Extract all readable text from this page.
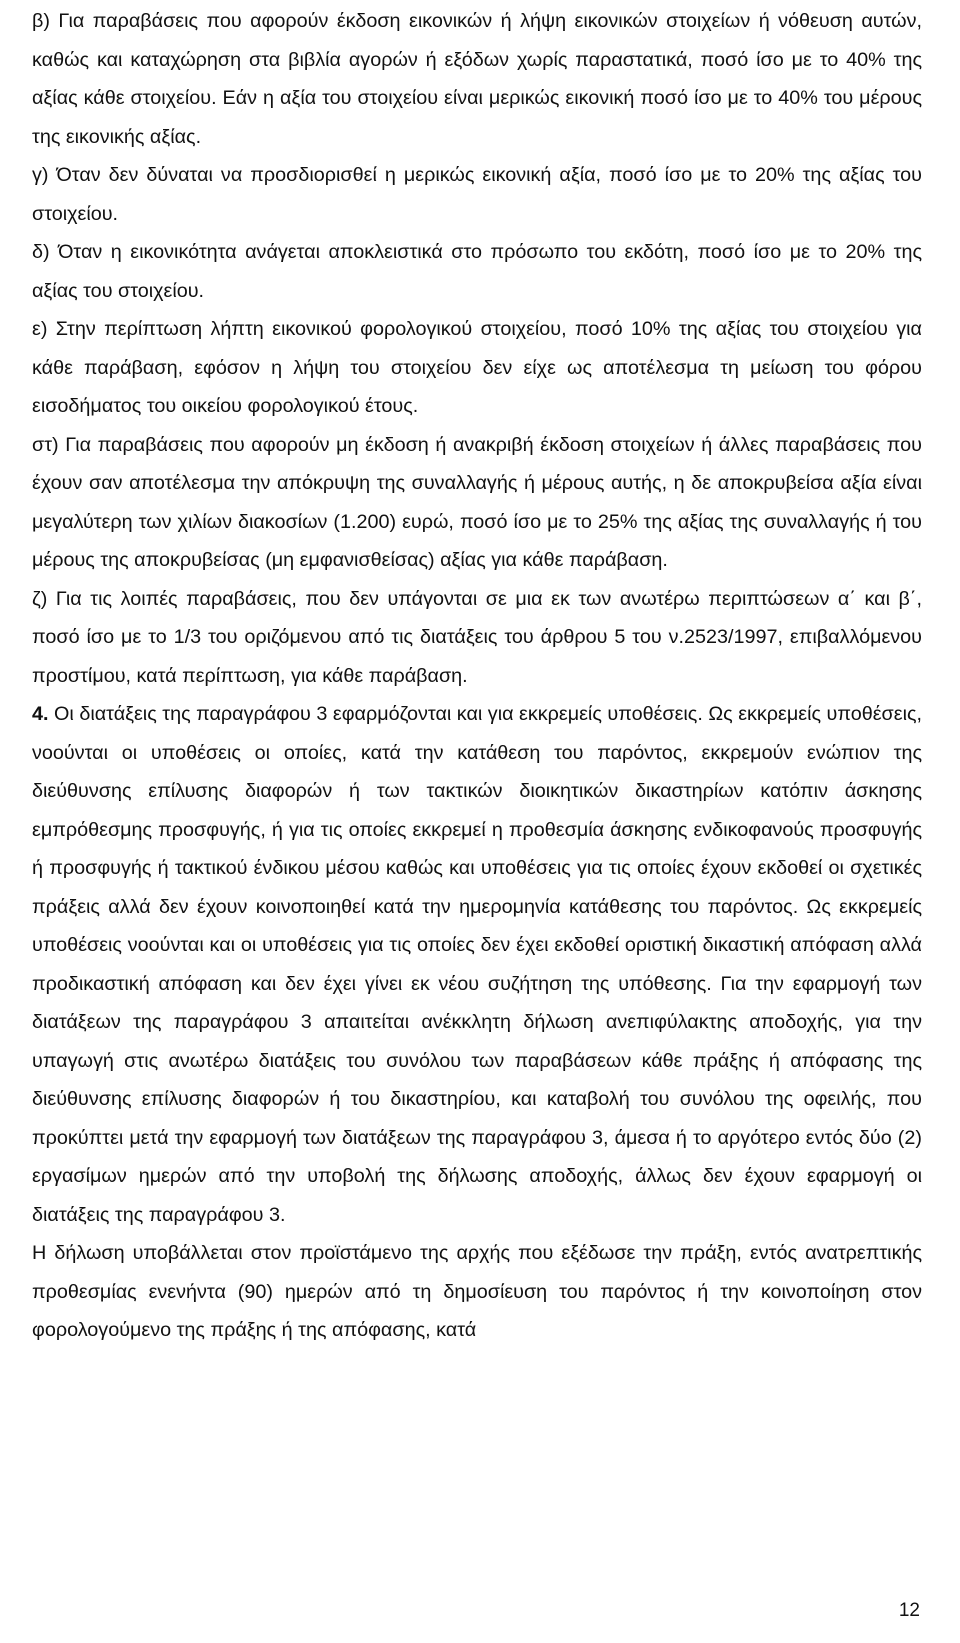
β) Για παραβάσεις που αφορούν έκδοση εικονικών ή λήψη εικονικών στοιχείων ή νόθευση αυτών, καθώς και καταχώρηση στα βιβλία αγορών ή εξόδων χωρίς παραστατικά, ποσό ίσο με το 40% της αξίας κάθε στοιχείου. Εάν η αξία του στοιχείου είναι μερικώς εικονική ποσό ίσο με το 40% του μέρους της εικονικής αξίας.

γ) Όταν δεν δύναται να προσδιορισθεί η μερικώς εικονική αξία, ποσό ίσο με το 20% της αξίας του στοιχείου.

δ) Όταν η εικονικότητα ανάγεται αποκλειστικά στο πρόσωπο του εκδότη, ποσό ίσο με το 20% της αξίας του στοιχείου.

ε) Στην περίπτωση λήπτη εικονικού φορολογικού στοιχείου, ποσό 10% της αξίας του στοιχείου για κάθε παράβαση, εφόσον η λήψη του στοιχείου δεν είχε ως αποτέλεσμα τη μείωση του φόρου εισοδήματος του οικείου φορολογικού έτους.

στ) Για παραβάσεις που αφορούν μη έκδοση ή ανακριβή έκδοση στοιχείων ή άλλες παραβάσεις που έχουν σαν αποτέλεσμα την απόκρυψη της συναλλαγής ή μέρους αυτής, η δε αποκρυβείσα αξία είναι μεγαλύτερη των χιλίων διακοσίων (1.200) ευρώ, ποσό ίσο με το 25% της αξίας της συναλλαγής ή του μέρους της αποκρυβείσας (μη εμφανισθείσας) αξίας για κάθε παράβαση.

ζ) Για τις λοιπές παραβάσεις, που δεν υπάγονται σε μια εκ των ανωτέρω περιπτώσεων α΄ και β΄, ποσό ίσο με το 1/3 του οριζόμενου από τις διατάξεις του άρθρου 5 του ν.2523/1997, επιβαλλόμενου προστίμου, κατά περίπτωση, για κάθε παράβαση.

4. Οι διατάξεις της παραγράφου 3 εφαρμόζονται και για εκκρεμείς υποθέσεις. Ως εκκρεμείς υποθέσεις, νοούνται οι υποθέσεις οι οποίες, κατά την κατάθεση του παρόντος, εκκρεμούν ενώπιον της διεύθυνσης επίλυσης διαφορών ή των τακτικών διοικητικών δικαστηρίων κατόπιν άσκησης εμπρόθεσμης προσφυγής, ή για τις οποίες εκκρεμεί η προθεσμία άσκησης ενδικοφανούς προσφυγής ή προσφυγής ή τακτικού ένδικου μέσου καθώς και υποθέσεις για τις οποίες έχουν εκδοθεί οι σχετικές πράξεις αλλά δεν έχουν κοινοποιηθεί κατά την ημερομηνία κατάθεσης του παρόντος. Ως εκκρεμείς υποθέσεις νοούνται και οι υποθέσεις για τις οποίες δεν έχει εκδοθεί οριστική δικαστική απόφαση αλλά προδικαστική απόφαση και δεν έχει γίνει εκ νέου συζήτηση της υπόθεσης. Για την εφαρμογή των διατάξεων της παραγράφου 3 απαιτείται ανέκκλητη δήλωση ανεπιφύλακτης αποδοχής, για την υπαγωγή στις ανωτέρω διατάξεις του συνόλου των παραβάσεων κάθε πράξης ή απόφασης της διεύθυνσης επίλυσης διαφορών ή του δικαστηρίου, και καταβολή του συνόλου της οφειλής, που προκύπτει μετά την εφαρμογή των διατάξεων της παραγράφου 3, άμεσα ή το αργότερο εντός δύο (2) εργασίμων ημερών από την υποβολή της δήλωσης αποδοχής, άλλως δεν έχουν εφαρμογή οι διατάξεις της παραγράφου 3.

Η δήλωση υποβάλλεται στον προϊστάμενο της αρχής που εξέδωσε την πράξη, εντός ανατρεπτικής προθεσμίας ενενήντα (90) ημερών από τη δημοσίευση του παρόντος ή την κοινοποίηση στον φορολογούμενο της πράξης ή της απόφασης, κατά

12
